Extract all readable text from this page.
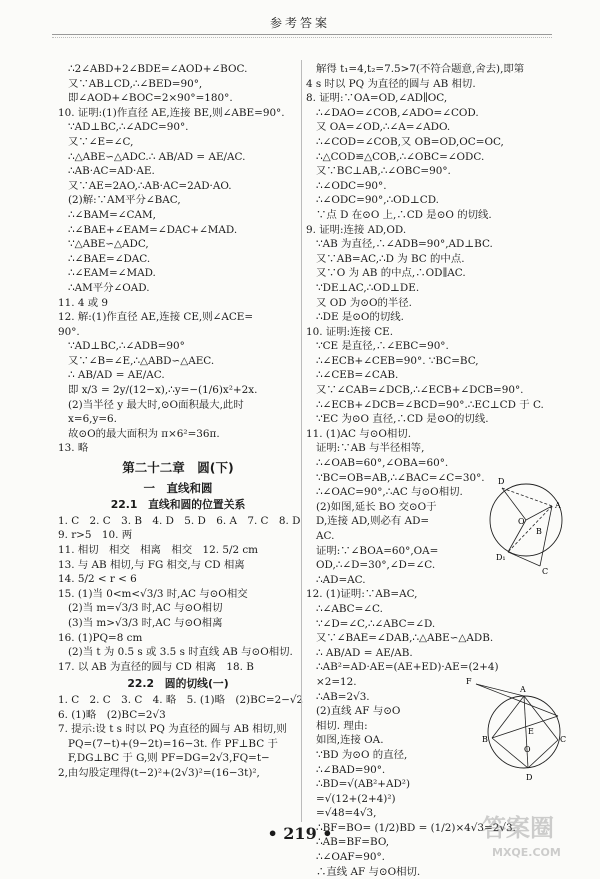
参考答案
∴2∠ABD+2∠BDE=∠AOD+∠BOC.
又∵AB⊥CD,∴∠BED=90°,
即∠AOD+∠BOC=2×90°=180°.
10. 证明:(1)作直径 AE,连接 BE,则∠ABE=90°.
∵AD⊥BC,∴∠ADC=90°.
又∵∠E=∠C,
∴△ABE∽△ADC.∴ AB/AD = AE/AC.
∴AB·AC=AD·AE.
又∵AE=2AO,∴AB·AC=2AD·AO.
(2)解:∵AM平分∠BAC,
∴∠BAM=∠CAM,
∴∠BAE+∠EAM=∠DAC+∠MAD.
∵△ABE∽△ADC,
∴∠BAE=∠DAC.
∴∠EAM=∠MAD.
∴AM平分∠OAD.
11. 4 或 9
12. 解:(1)作直径 AE,连接 CE,则∠ACE=
90°.
∵AD⊥BC,∴∠ADB=90°
又∵∠B=∠E,∴△ABD∽△AEC.
∴ AB/AD = AE/AC.
即 x/3 = 2y/(12−x),∴y=−(1/6)x²+2x.
(2)当半径 y 最大时,⊙O面积最大,此时
x=6,y=6.
故⊙O的最大面积为 π×6²=36π.
13. 略
第二十二章　圆(下)
一　直线和圆
22.1　直线和圆的位置关系
1. C　2. C　3. B　4. D　5. D　6. A　7. C　8. D
9. r>5　10. 两
11. 相切　相交　相离　相交　12. 5/2 cm
13. 与 AB 相切,与 FG 相交,与 CD 相离
14. 5/2 < r < 6
15. (1)当 0<m<√3/3 时,AC 与⊙O相交
(2)当 m=√3/3 时,AC 与⊙O相切
(3)当 m>√3/3 时,AC 与⊙O相离
16. (1)PQ=8 cm
(2)当 t 为 0.5 s 或 3.5 s 时直线 AB 与⊙O相切.
17. 以 AB 为直径的圆与 CD 相离　18. B
22.2　圆的切线(一)
1. C　2. C　3. C　4. 略　5. (1)略　(2)BC=2−√2
6. (1)略　(2)BC=2√3
7. 提示:设 t s 时以 PQ 为直径的圆与 AB 相切,则
PQ=(7−t)+(9−2t)=16−3t. 作 PF⊥BC 于
F,DG⊥BC 于 G,则 PF=DG=2√3,FQ=t−
2,由勾股定理得(t−2)²+(2√3)²=(16−3t)²,
解得 t₁=4,t₂=7.5>7(不符合题意,舍去),即第
4 s 时以 PQ 为直径的圆与 AB 相切.
8. 证明:∵OA=OD,∠AD∥OC,
∴∠DAO=∠COB,∠ADO=∠COD.
又 OA=∠OD,∴∠A=∠ADO.
∴∠COD=∠COB,又 OB=OD,OC=OC,
∴△COD≌△COB,∴∠OBC=∠ODC.
又∵BC⊥AB,∴∠OBC=90°.
∴∠ODC=90°.
∴∠ODC=90°,∴OD⊥CD.
∵点 D 在⊙O 上,∴CD 是⊙O 的切线.
9. 证明:连接 AD,OD.
∵AB 为直径,∴∠ADB=90°,AD⊥BC.
又∵AB=AC,∴D 为 BC 的中点.
又∵O 为 AB 的中点,∴OD∥AC.
∵DE⊥AC,∴OD⊥DE.
又 OD 为⊙O的半径.
∴DE 是⊙O的切线.
10. 证明:连接 CE.
∵CE 是直径,∴∠EBC=90°.
∴∠ECB+∠CEB=90°. ∵BC=BC,
∴∠CEB=∠CAB.
又∵∠CAB=∠DCB,∴∠ECB+∠DCB=90°.
∴∠ECB+∠DCB=∠BCD=90°.∴EC⊥CD 于 C.
∵EC 为⊙O 直径,∴CD 是⊙O的切线.
11. (1)AC 与⊙O相切.
证明:∵AB 与半径相等,
∴∠OAB=60°,∠OBA=60°.
∵BC=OB=AB,∴∠BAC=∠C=30°.
∴∠OAC=90°,∴AC 与⊙O相切.
(2)如图,延长 BO 交⊙O于
D,连接 AD,则必有 AD=
AC.
证明:∵∠BOA=60°,OA=
OD,∴∠D=30°,∠D=∠C.
∴AD=AC.
12. (1)证明:∵AB=AC,
∴∠ABC=∠C.
∵∠D=∠C,∴∠ABC=∠D.
又∵∠BAE=∠DAB,∴△ABE∽△ADB.
∴ AB/AD = AE/AB.
∴AB²=AD·AE=(AE+ED)·AE=(2+4)
×2=12.
∴AB=2√3.
(2)直线 AF 与⊙O
相切. 理由:
如图,连接 OA.
∵BD 为⊙O 的直径,
∴∠BAD=90°.
∴BD=√(AB²+AD²)
=√(12+(2+4)²)
=√48=4√3,
∴BF=BO= (1/2)BD = (1/2)×4√3=2√3.
∴AB=BF=BO,
∴∠OAF=90°.
∴直线 AF 与⊙O相切.
D
A
O
B
C
D₁
F
A
B
E
O
C
D
• 219 •	答案圈
MXQE.COM
